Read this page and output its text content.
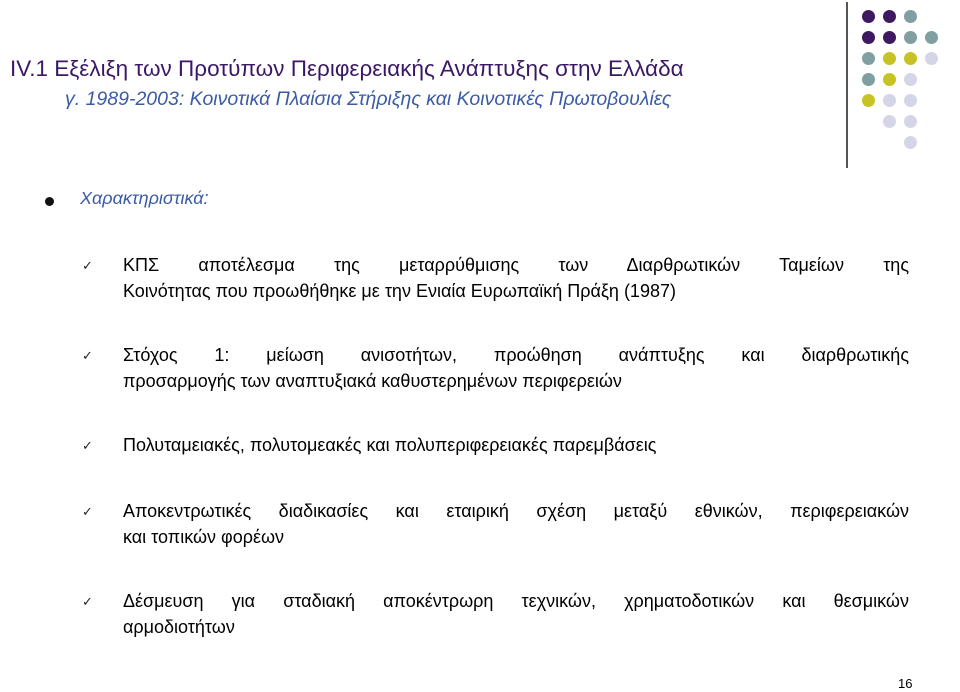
IV.1 Εξέλιξη των Προτύπων Περιφερειακής Ανάπτυξης στην Ελλάδα
γ. 1989-2003: Κοινοτικά Πλαίσια Στήριξης και Κοινοτικές Πρωτοβουλίες
Χαρακτηριστικά:
✓ ΚΠΣ αποτέλεσμα της μεταρρύθμισης των Διαρθρωτικών Ταμείων της
Κοινότητας που προωθήθηκε με την Ενιαία Ευρωπαϊκή Πράξη (1987)
✓ Στόχος 1: μείωση ανισοτήτων, προώθηση ανάπτυξης και διαρθρωτικής
προσαρμογής των αναπτυξιακά καθυστερημένων περιφερειών
✓ Πολυταμειακές, πολυτομεακές και πολυπεριφερειακές παρεμβάσεις
✓ Αποκεντρωτικές διαδικασίες και εταιρική σχέση μεταξύ εθνικών, περιφερειακών
και τοπικών φορέων
✓ Δέσμευση για σταδιακή αποκέντρωρη τεχνικών, χρηματοδοτικών και θεσμικών
αρμοδιοτήτων
16
